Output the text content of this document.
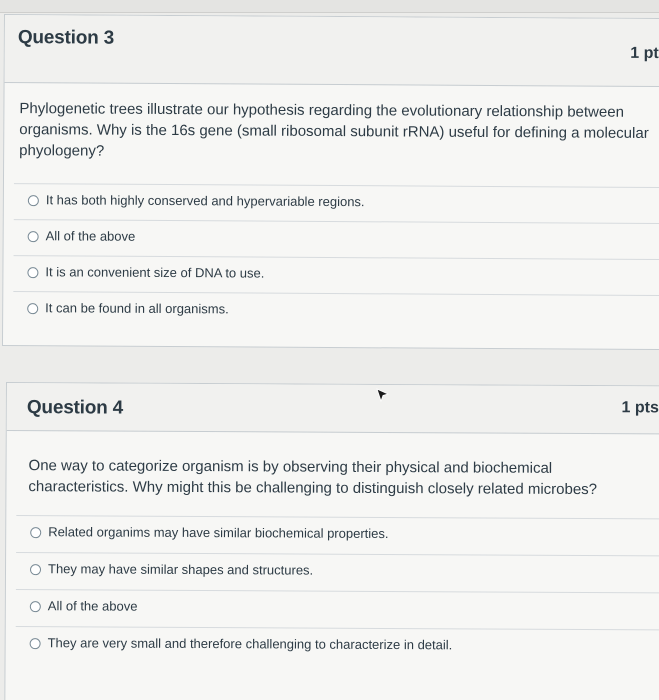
Question 3
1 pt
Phylogenetic trees illustrate our hypothesis regarding the evolutionary relationship between organisms. Why is the 16s gene (small ribosomal subunit rRNA) useful for defining a molecular phyologeny?
It has both highly conserved and hypervariable regions.
All of the above
It is an convenient size of DNA to use.
It can be found in all organisms.
Question 4	1 pts
One way to categorize organism is by observing their physical and biochemical characteristics. Why might this be challenging to distinguish closely related microbes?
Related organims may have similar biochemical properties.
They may have similar shapes and structures.
All of the above
They are very small and therefore challenging to characterize in detail.
